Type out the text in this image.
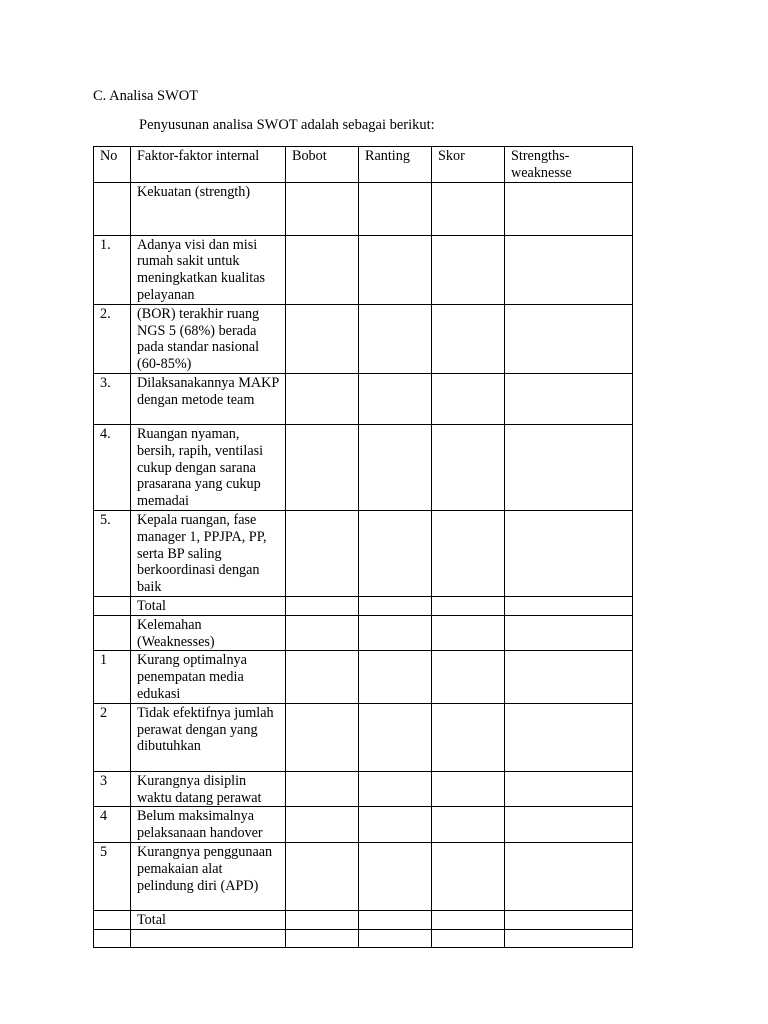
C. Analisa SWOT
Penyusunan analisa SWOT adalah sebagai berikut:
No	Faktor-faktor internal	Bobot	Ranting	Skor	Strengths-weaknesse
	Kekuatan (strength)				
1.	Adanya visi dan misi rumah sakit untuk meningkatkan kualitas pelayanan				
2.	(BOR) terakhir ruang NGS 5 (68%) berada pada standar nasional (60-85%)				
3.	Dilaksanakannya MAKP dengan metode team				
4.	Ruangan nyaman, bersih, rapih, ventilasi cukup dengan sarana prasarana yang cukup memadai				
5.	Kepala ruangan, fase manager 1, PPJPA, PP, serta BP saling berkoordinasi dengan baik				
	Total				
	Kelemahan (Weaknesses)				
1	Kurang optimalnya penempatan media edukasi				
2	Tidak efektifnya jumlah perawat dengan yang dibutuhkan				
3	Kurangnya disiplin waktu datang perawat				
4	Belum maksimalnya pelaksanaan handover				
5	Kurangnya penggunaan pemakaian alat pelindung diri (APD)				
	Total				
